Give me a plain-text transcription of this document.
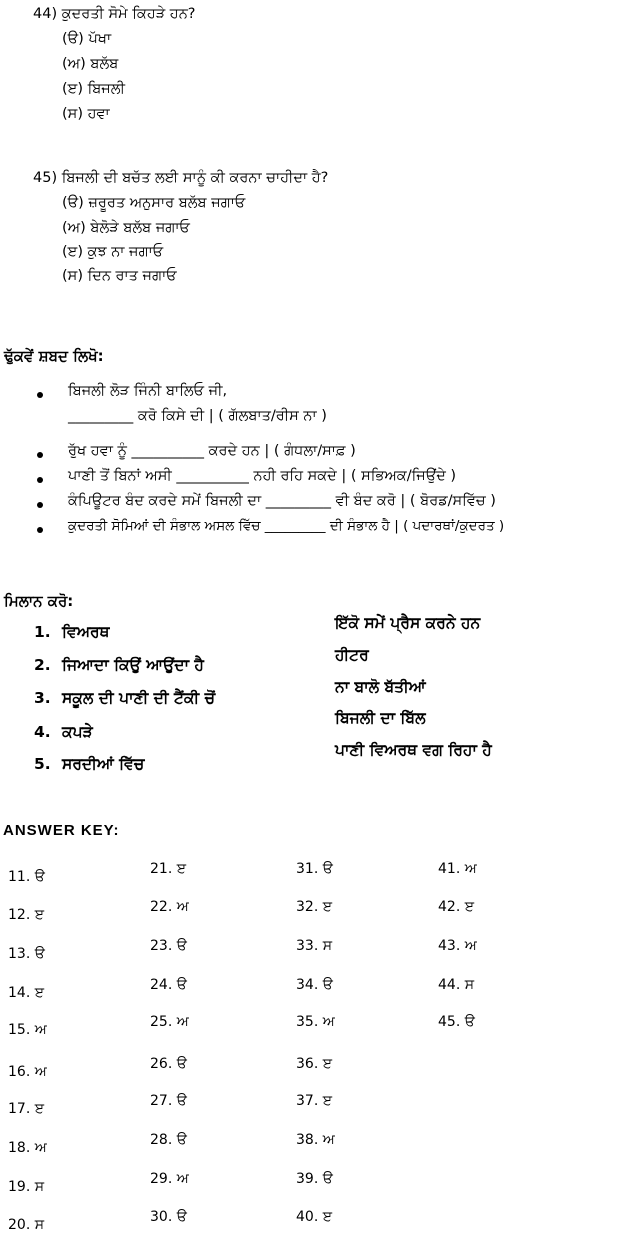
44) ਕੁਦਰਤੀ ਸੋਮੇ ਕਿਹੜੇ ਹਨ?
(ੳ) ਪੱਖਾ
(ਅ) ਬਲੱਬ
(ੲ) ਬਿਜਲੀ
(ਸ) ਹਵਾ
45) ਬਿਜਲੀ ਦੀ ਬਚੱਤ ਲਈ ਸਾਨੂੰ ਕੀ ਕਰਨਾ ਚਾਹੀਦਾ ਹੈ?
(ੳ) ਜ਼ਰੂਰਤ ਅਨੁਸਾਰ ਬਲੱਬ ਜਗਾਓ
(ਅ) ਬੇਲੋੜੇ ਬਲੱਬ ਜਗਾਓ
(ੲ) ਕੁਝ ਨਾ ਜਗਾਓ
(ਸ) ਦਿਨ ਰਾਤ ਜਗਾਓ
ਢੁੱਕਵੇਂ ਸ਼ਬਦ ਲਿਖੋ:
ਬਿਜਲੀ ਲੋੜ ਜਿੰਨੀ ਬਾਲਿਓ ਜੀ,
_________ ਕਰੋ ਕਿਸੇ ਦੀ | ( ਗੱਲਬਾਤ/ਰੀਸ ਨਾ )
ਰੁੱਖ ਹਵਾ ਨੂੰ __________ ਕਰਦੇ ਹਨ | ( ਗੰਧਲਾ/ਸਾਫ਼ )
ਪਾਣੀ ਤੋਂ ਬਿਨਾਂ ਅਸੀ __________ ਨਹੀ ਰਹਿ ਸਕਦੇ | ( ਸਭਿਅਕ/ਜਿਉਂਦੇ )
ਕੰਪਿਊਟਰ ਬੰਦ ਕਰਦੇ ਸਮੇਂ ਬਿਜਲੀ ਦਾ _________ ਵੀ ਬੰਦ ਕਰੋ | ( ਬੋਰਡ/ਸਵਿੱਚ )
ਕੁਦਰਤੀ ਸੋਮਿਆਂ ਦੀ ਸੰਭਾਲ ਅਸਲ ਵਿੱਚ _________ ਦੀ ਸੰਭਾਲ ਹੈ | ( ਪਦਾਰਥਾਂ/ਕੁਦਰਤ )
ਮਿਲਾਨ ਕਰੋ:
1. ਵਿਅਰਥ
2. ਜਿਆਦਾ ਕਿਉਂ ਆਉਂਦਾ ਹੈ
3. ਸਕੂਲ ਦੀ ਪਾਣੀ ਦੀ ਟੈਂਕੀ ਚੋਂ
4. ਕਪੜੇ
5. ਸਰਦੀਆਂ ਵਿੱਚ
ਇੱਕੋ ਸਮੇਂ ਪ੍ਰੈਸ ਕਰਨੇ ਹਨ
ਹੀਟਰ
ਨਾ ਬਾਲੋ ਬੱਤੀਆਂ
ਬਿਜਲੀ ਦਾ ਬਿੱਲ
ਪਾਣੀ ਵਿਅਰਥ ਵਗ ਰਿਹਾ ਹੈ
ANSWER KEY:
11. ੳ
12. ੲ
13. ੳ
14. ੲ
15. ਅ
16. ਅ
17. ੲ
18. ਅ
19. ਸ
20. ਸ
21. ੲ
22. ਅ
23. ੳ
24. ੳ
25. ਅ
26. ੳ
27. ੳ
28. ੳ
29. ਅ
30. ੳ
31. ੳ
32. ੲ
33. ਸ
34. ੳ
35. ਅ
36. ੲ
37. ੲ
38. ਅ
39. ੳ
40. ੲ
41. ਅ
42. ੲ
43. ਅ
44. ਸ
45. ੳ
